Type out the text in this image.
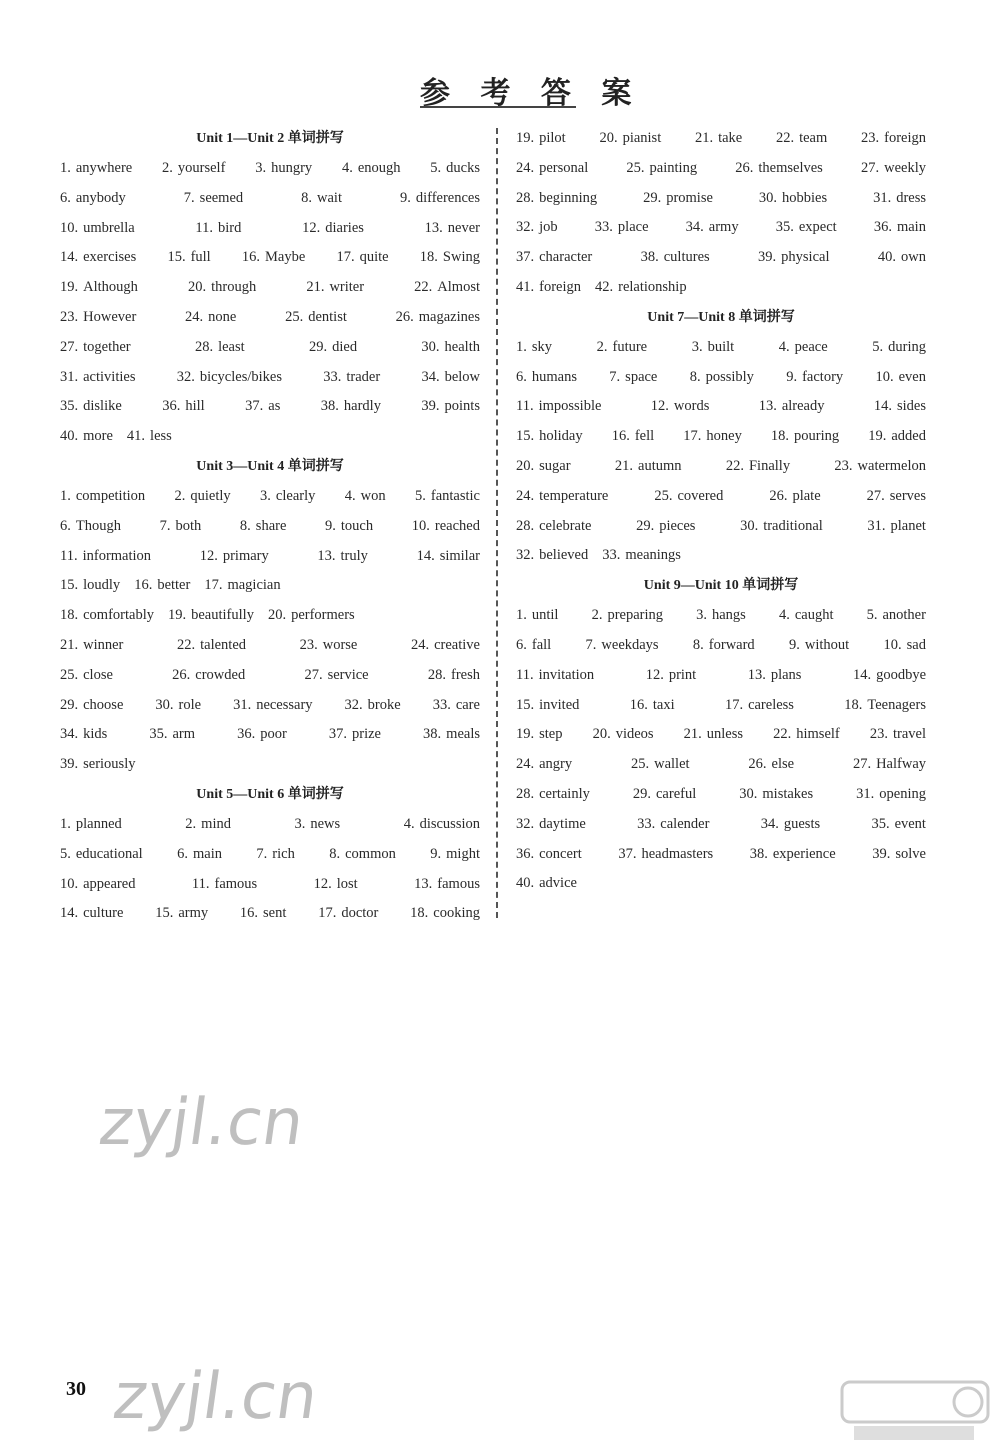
参 考 答 案
Unit 1—Unit 2 单词拼写
1. anywhere 2. yourself 3. hungry 4. enough 5. ducks
6. anybody	7. seemed	8. wait	9. differences
10. umbrella	11. bird	12. diaries	13. never
14. exercises 15. full 16. Maybe 17. quite 18. Swing
19. Although	20. through	21. writer	22. Almost
23. However	24. none	25. dentist	26. magazines
27. together	28. least	29. died	30. health
31. activities	32. bicycles/bikes	33. trader	34. below
35. dislike	36. hill	37. as	38. hardly	39. points
40. more 41. less
Unit 3—Unit 4 单词拼写
1. competition 2. quietly 3. clearly 4. won 5. fantastic
6. Though	7. both	8. share	9. touch	10. reached
11. information	12. primary	13. truly	14. similar
15. loudly 16. better 17. magician
18. comfortably 19. beautifully 20. performers
21. winner	22. talented	23. worse	24. creative
25. close	26. crowded	27. service	28. fresh
29. choose 30. role 31. necessary 32. broke 33. care
34. kids	35. arm	36. poor	37. prize	38. meals
39. seriously
Unit 5—Unit 6 单词拼写
1. planned	2. mind	3. news	4. discussion
5. educational 6. main 7. rich 8. common 9. might
10. appeared	11. famous	12. lost	13. famous
14. culture 15. army 16. sent 17. doctor 18. cooking
19. pilot 20. pianist 21. take 22. team 23. foreign
24. personal	25. painting	26. themselves	27. weekly
28. beginning	29. promise	30. hobbies	31. dress
32. job	33. place	34. army	35. expect	36. main
37. character	38. cultures	39. physical	40. own
41. foreign 42. relationship
Unit 7—Unit 8 单词拼写
1. sky	2. future	3. built	4. peace	5. during
6. humans 7. space 8. possibly 9. factory 10. even
11. impossible	12. words	13. already	14. sides
15. holiday 16. fell 17. honey 18. pouring 19. added
20. sugar	21. autumn	22. Finally	23. watermelon
24. temperature	25. covered	26. plate	27. serves
28. celebrate	29. pieces	30. traditional	31. planet
32. believed 33. meanings
Unit 9—Unit 10 单词拼写
1. until 2. preparing 3. hangs 4. caught 5. another
6. fall 7. weekdays 8. forward 9. without 10. sad
11. invitation	12. print	13. plans	14. goodbye
15. invited	16. taxi	17. careless	18. Teenagers
19. step 20. videos 21. unless 22. himself 23. travel
24. angry	25. wallet	26. else	27. Halfway
28. certainly	29. careful	30. mistakes	31. opening
32. daytime	33. calender	34. guests	35. event
36. concert	37. headmasters	38. experience	39. solve
40. advice
zyjl.cn
zyjl.cn
30
